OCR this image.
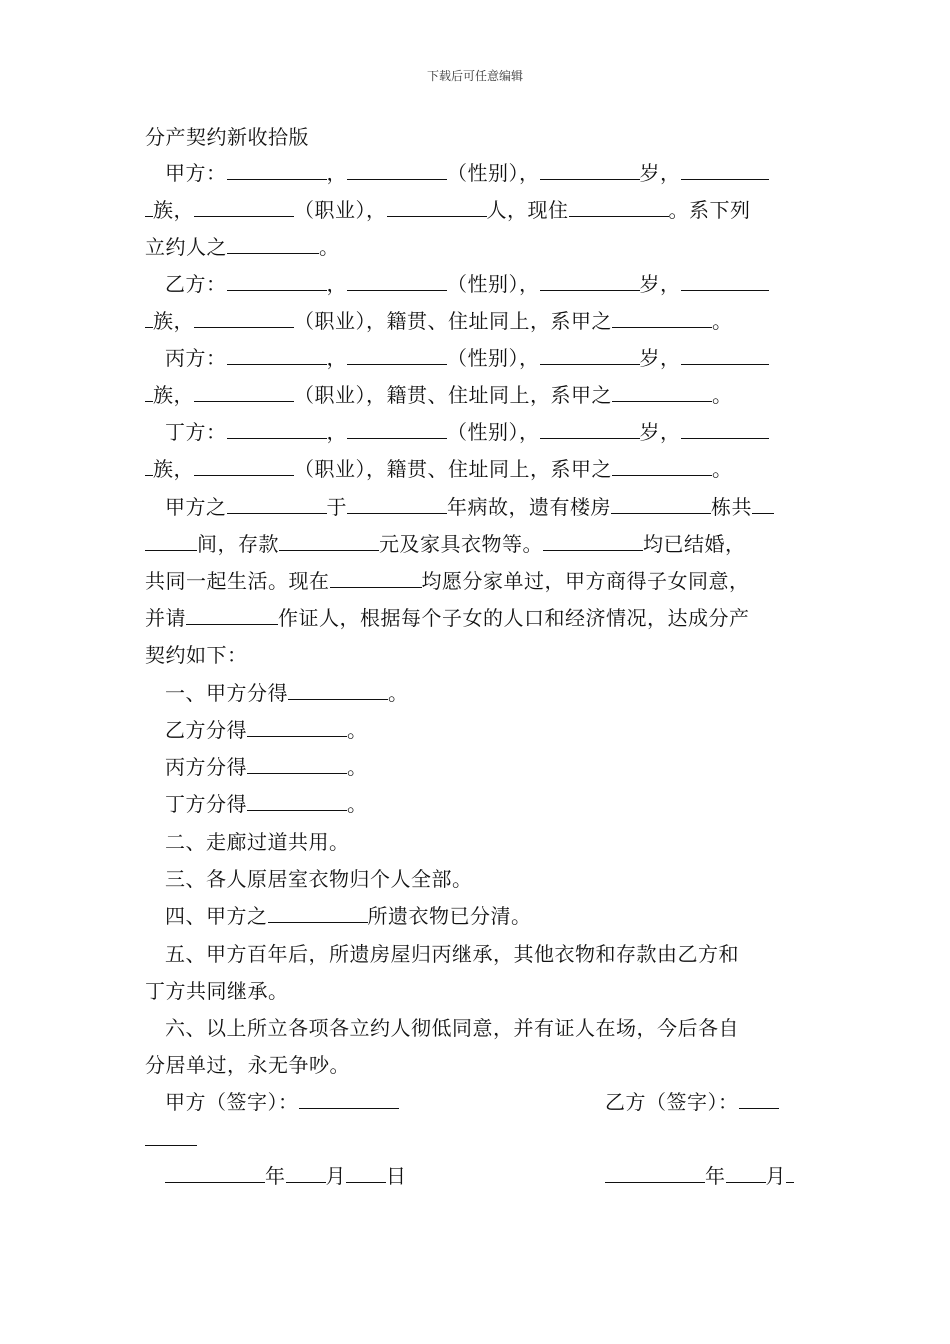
下载后可任意编辑
分产契约新收拾版
甲方：	，	（性别），	岁，
族，	（职业），	人，现住	。系下列
立约人之	。
乙方：	，	（性别），	岁，
族，	（职业），籍贯、住址同上，系甲之	。
丙方：	，	（性别），	岁，
族，	（职业），籍贯、住址同上，系甲之	。
丁方：	，	（性别），	岁，
族，	（职业），籍贯、住址同上，系甲之	。
甲方之	于	年病故，遗有楼房	栋共
间，存款	元及家具衣物等。	均已结婚，
共同一起生活。现在	均愿分家单过，甲方商得子女同意，
并请	作证人，根据每个子女的人口和经济情况，达成分产
契约如下：
一、甲方分得	。
乙方分得	。
丙方分得	。
丁方分得	。
二、走廊过道共用。
三、各人原居室衣物归个人全部。
四、甲方之	所遗衣物已分清。
五、甲方百年后，所遗房屋归丙继承，其他衣物和存款由乙方和
丁方共同继承。
六、以上所立各项各立约人彻低同意，并有证人在场，今后各自
分居单过，永无争吵。
甲方（签字）：	乙方（签字）：
年 月 日	年 月
